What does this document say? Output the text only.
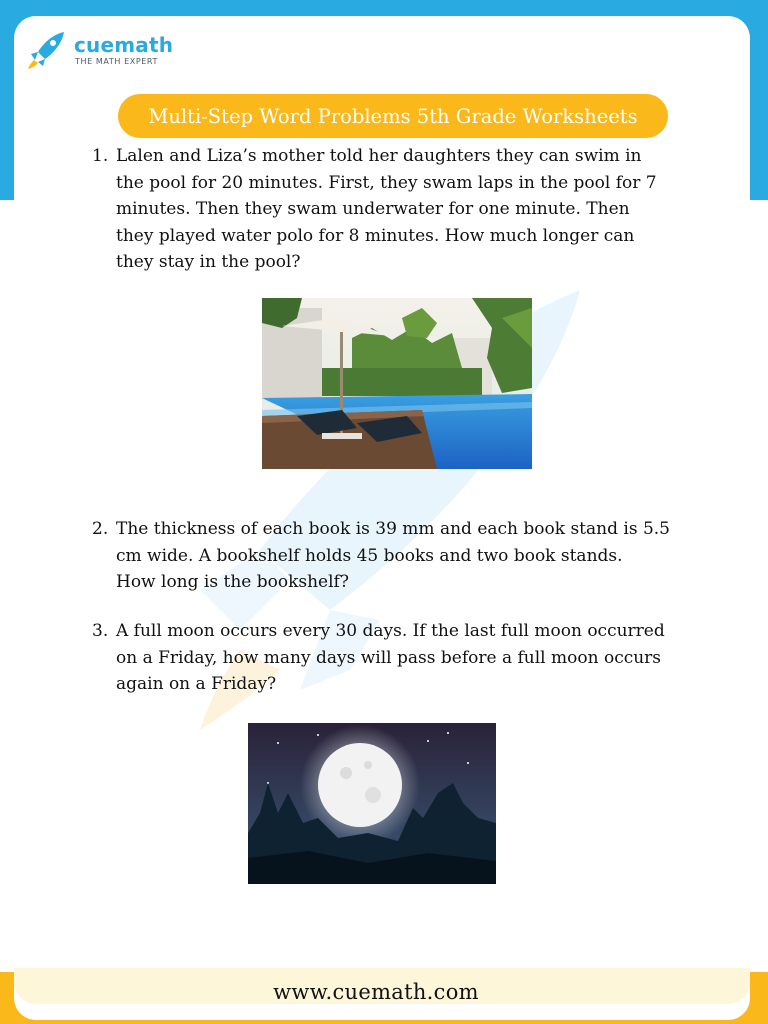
cuemath
THE MATH EXPERT
Multi-Step Word Problems 5th Grade Worksheets
1. Lalen and Liza’s mother told her daughters they can swim in
the pool for 20 minutes. First, they swam laps in the pool for 7
minutes. Then they swam underwater for one minute. Then
they played water polo for 8 minutes. How much longer can
they stay in the pool?
2. The thickness of each book is 39 mm and each book stand is 5.5
cm wide. A bookshelf holds 45 books and two book stands.
How long is the bookshelf?
3. A full moon occurs every 30 days. If the last full moon occurred
on a Friday, how many days will pass before a full moon occurs
again on a Friday?
www.cuemath.com
